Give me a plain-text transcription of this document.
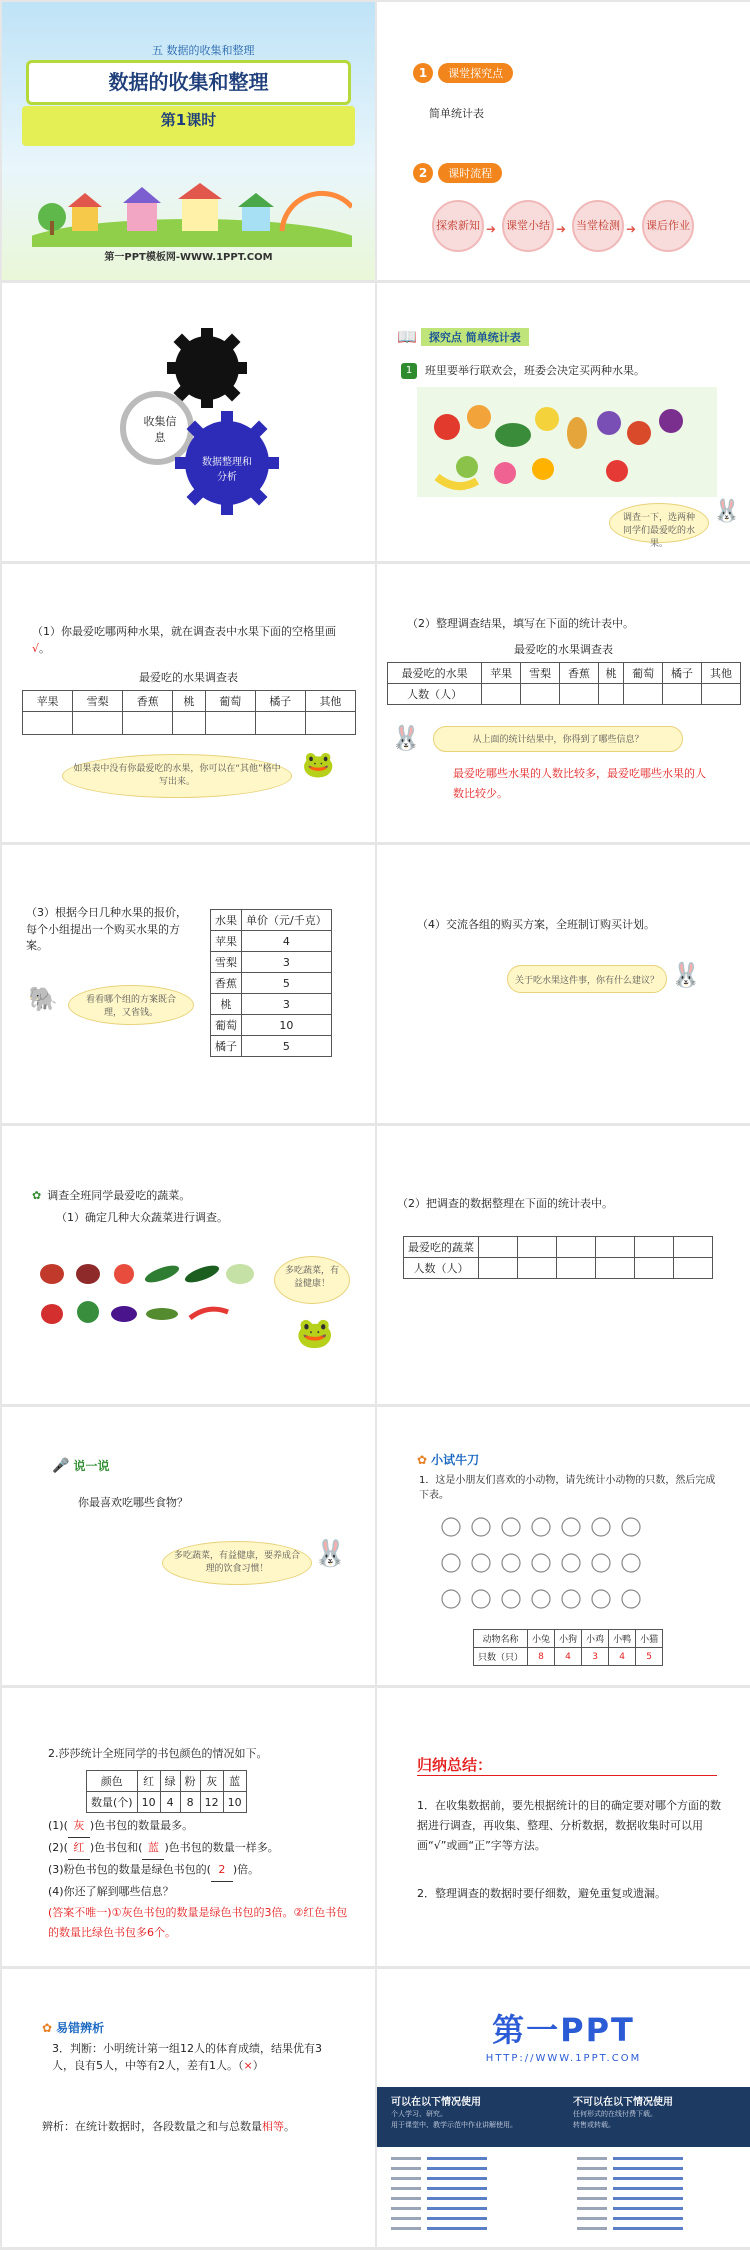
五 数据的收集和整理
数据的收集和整理
第1课时
第一PPT模板网-WWW.1PPT.COM
1 课堂探究点
简单统计表
2 课时流程
探索新知 ➜ 课堂小结 ➜ 当堂检测 ➜ 课后作业
收集信息
数据整理和分析
📖	探究点 简单统计表
1	班里要举行联欢会，班委会决定买两种水果。
调查一下，选两种同学们最爱吃的水果。
🐰
（1）你最爱吃哪两种水果，就在调查表中水果下面的空格里画√。
最爱吃的水果调查表
苹果	雪梨	香蕉	桃	葡萄	橘子	其他

如果表中没有你最爱吃的水果，你可以在“其他”格中写出来。
🐸
（2）整理调查结果，填写在下面的统计表中。
最爱吃的水果调查表
最爱吃的水果	苹果	雪梨	香蕉	桃	葡萄	橘子	其他
人数（人）							
🐰	从上面的统计结果中，你得到了哪些信息？
最爱吃哪些水果的人数比较多，最爱吃哪些水果的人数比较少。
（3）根据今日几种水果的报价，每个小组提出一个购买水果的方案。
水果	单价（元/千克）
苹果	4
雪梨	3
香蕉	5
桃	3
葡萄	10
橘子	5
🐘	看看哪个组的方案既合理，又省钱。
（4）交流各组的购买方案，全班制订购买计划。
关于吃水果这件事，你有什么建议？ 🐰
✿ 调查全班同学最爱吃的蔬菜。
（1）确定几种大众蔬菜进行调查。
多吃蔬菜，有益健康！
🐸
（2）把调查的数据整理在下面的统计表中。
最爱吃的蔬菜						
人数（人）						
🎤 说一说
你最喜欢吃哪些食物？
多吃蔬菜，有益健康，要养成合理的饮食习惯！	🐰
✿ 小试牛刀
1．这是小朋友们喜欢的小动物，请先统计小动物的只数，然后完成下表。
动物名称	小兔	小狗	小鸡	小鸭	小猫
只数（只）	8	4	3	4	5
2.莎莎统计全班同学的书包颜色的情况如下。
颜色	红	绿	粉	灰	蓝
数量(个)	10	4	8	12	10
(1)( 灰 )色书包的数量最多。
(2)( 红 )色书包和( 蓝 )色书包的数量一样多。
(3)粉色书包的数量是绿色书包的( 2 )倍。
(4)你还了解到哪些信息？
(答案不唯一)①灰色书包的数量是绿色书包的3倍。②红色书包的数量比绿色书包多6个。
归纳总结：
1．在收集数据前，要先根据统计的目的确定要对哪个方面的数据进行调查，再收集、整理、分析数据，数据收集时可以用画“√”或画“正”字等方法。
2．整理调查的数据时要仔细数，避免重复或遗漏。
✿ 易错辨析
3．判断：小明统计第一组12人的体育成绩，结果优有3人，良有5人，中等有2人，差有1人。（×）
辨析：在统计数据时，各段数量之和与总数量相等。
第一PPT
HTTP://WWW.1PPT.COM
可以在以下情况使用
个人学习、研究。
用于课堂中、教学示范中作业讲解使用。
不可以在以下情况使用
任何形式的在线付费下载。
转售或转载。
